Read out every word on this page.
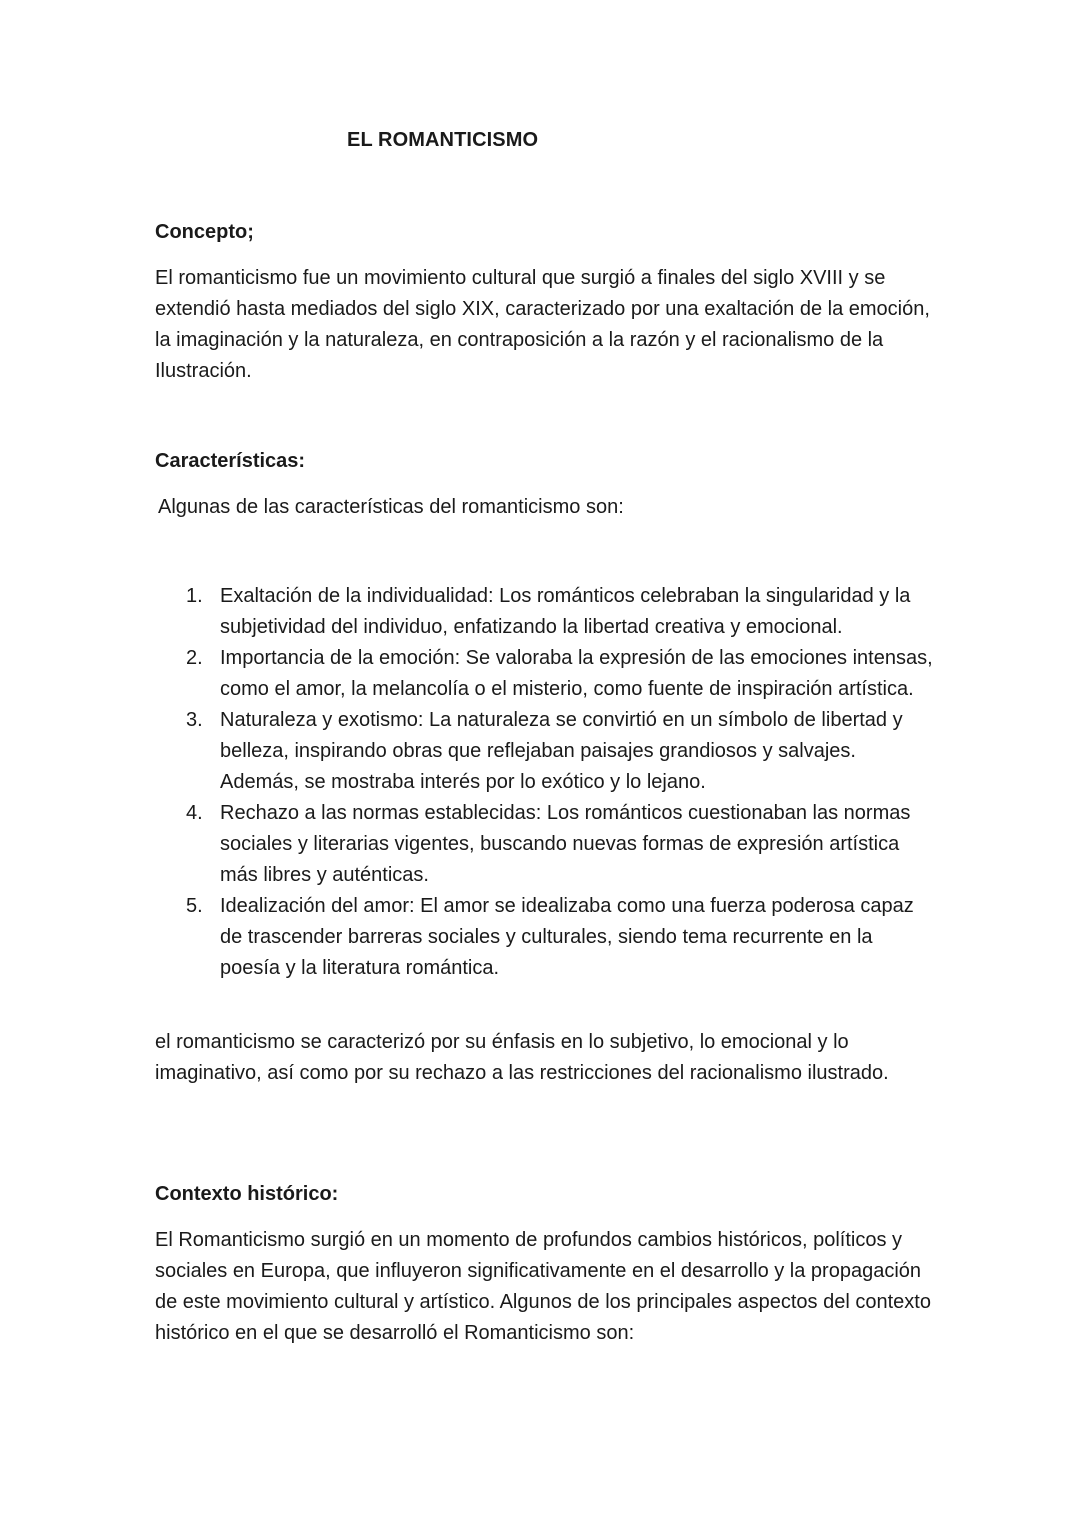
EL ROMANTICISMO
Concepto;
El romanticismo fue un movimiento cultural que surgió a finales del siglo XVIII y se extendió hasta mediados del siglo XIX, caracterizado por una exaltación de la emoción, la imaginación y la naturaleza, en contraposición a la razón y el racionalismo de la Ilustración.
Características:
Algunas de las características del romanticismo son:
1. Exaltación de la individualidad: Los románticos celebraban la singularidad y la subjetividad del individuo, enfatizando la libertad creativa y emocional.
2. Importancia de la emoción: Se valoraba la expresión de las emociones intensas, como el amor, la melancolía o el misterio, como fuente de inspiración artística.
3. Naturaleza y exotismo: La naturaleza se convirtió en un símbolo de libertad y belleza, inspirando obras que reflejaban paisajes grandiosos y salvajes. Además, se mostraba interés por lo exótico y lo lejano.
4. Rechazo a las normas establecidas: Los románticos cuestionaban las normas sociales y literarias vigentes, buscando nuevas formas de expresión artística más libres y auténticas.
5. Idealización del amor: El amor se idealizaba como una fuerza poderosa capaz de trascender barreras sociales y culturales, siendo tema recurrente en la poesía y la literatura romántica.
el romanticismo se caracterizó por su énfasis en lo subjetivo, lo emocional y lo imaginativo, así como por su rechazo a las restricciones del racionalismo ilustrado.
Contexto histórico:
El Romanticismo surgió en un momento de profundos cambios históricos, políticos y sociales en Europa, que influyeron significativamente en el desarrollo y la propagación de este movimiento cultural y artístico. Algunos de los principales aspectos del contexto histórico en el que se desarrolló el Romanticismo son:
